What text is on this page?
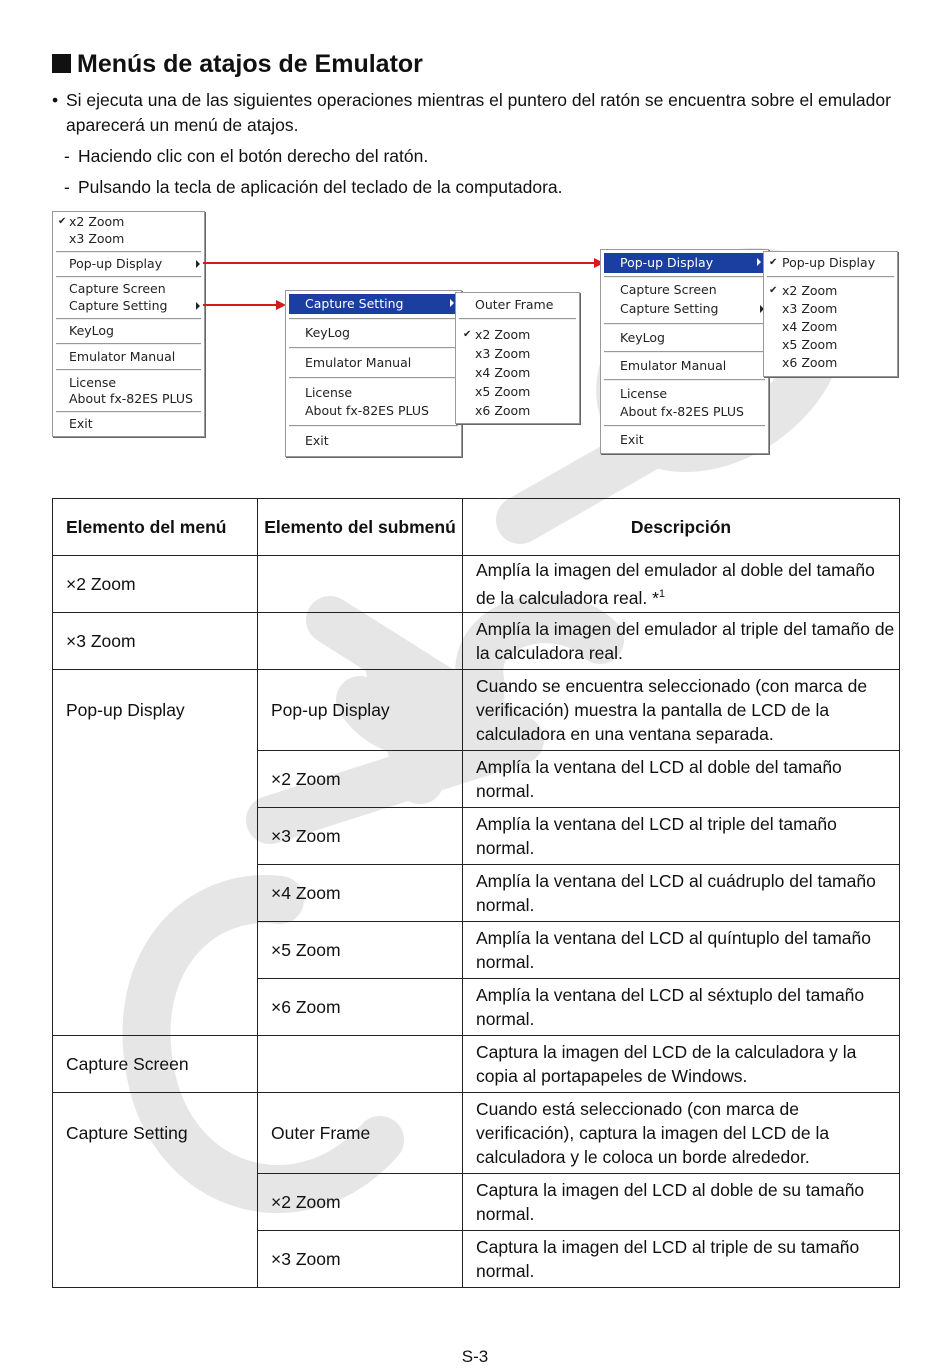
Menús de atajos de Emulator
• Si ejecuta una de las siguientes operaciones mientras el puntero del ratón se encuentra sobre el emulador aparecerá un menú de atajos.
- Haciendo clic con el botón derecho del ratón.
- Pulsando la tecla de aplicación del teclado de la computadora.
✔ x2 Zoom
x3 Zoom
Pop-up Display
Capture Screen
Capture Setting
KeyLog
Emulator Manual
License
About fx-82ES PLUS
Exit
Capture Setting
KeyLog
Emulator Manual
License
About fx-82ES PLUS
Exit
Outer Frame
✔ x2 Zoom
x3 Zoom
x4 Zoom
x5 Zoom
x6 Zoom
Pop-up Display
Capture Screen
Capture Setting
KeyLog
Emulator Manual
License
About fx-82ES PLUS
Exit
✔ Pop-up Display
✔ x2 Zoom
x3 Zoom
x4 Zoom
x5 Zoom
x6 Zoom
Elemento del menú	Elemento del submenú	Descripción
×2 Zoom		Amplía la imagen del emulador al doble del tamaño de la calculadora real. *$^1$
×3 Zoom		Amplía la imagen del emulador al triple del tamaño de la calculadora real.
Pop-up Display	Pop-up Display	Cuando se encuentra seleccionado (con marca de verificación) muestra la pantalla de LCD de la calculadora en una ventana separada.
	×2 Zoom	Amplía la ventana del LCD al doble del tamaño normal.
	×3 Zoom	Amplía la ventana del LCD al triple del tamaño normal.
	×4 Zoom	Amplía la ventana del LCD al cuádruplo del tamaño normal.
	×5 Zoom	Amplía la ventana del LCD al quíntuplo del tamaño normal.
	×6 Zoom	Amplía la ventana del LCD al séxtuplo del tamaño normal.
Capture Screen		Captura la imagen del LCD de la calculadora y la copia al portapapeles de Windows.
Capture Setting	Outer Frame	Cuando está seleccionado (con marca de verificación), captura la imagen del LCD de la calculadora y le coloca un borde alrededor.
	×2 Zoom	Captura la imagen del LCD al doble de su tamaño normal.
	×3 Zoom	Captura la imagen del LCD al triple de su tamaño normal.
S-3
